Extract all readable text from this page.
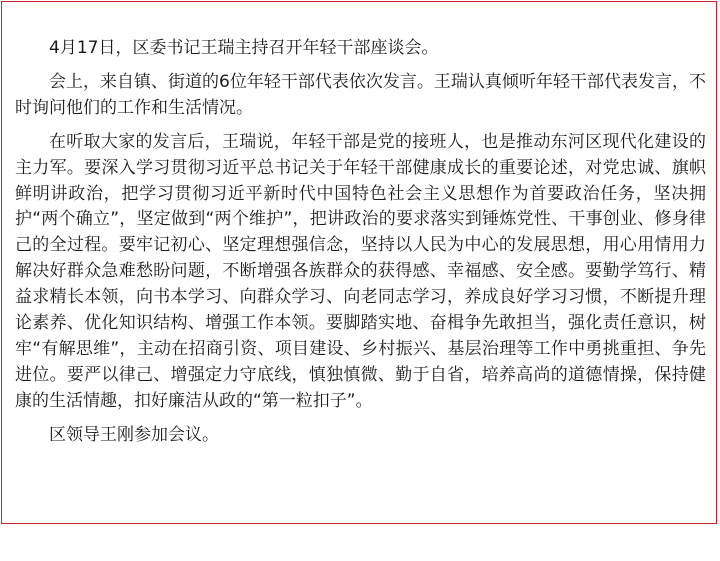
4月17日，区委书记王瑞主持召开年轻干部座谈会。

会上，来自镇、街道的6位年轻干部代表依次发言。王瑞认真倾听年轻干部代表发言，不时询问他们的工作和生活情况。

在听取大家的发言后，王瑞说，年轻干部是党的接班人，也是推动东河区现代化建设的主力军。要深入学习贯彻习近平总书记关于年轻干部健康成长的重要论述，对党忠诚、旗帜鲜明讲政治，把学习贯彻习近平新时代中国特色社会主义思想作为首要政治任务，坚决拥护“两个确立”，坚定做到“两个维护”，把讲政治的要求落实到锤炼党性、干事创业、修身律己的全过程。要牢记初心、坚定理想强信念，坚持以人民为中心的发展思想，用心用情用力解决好群众急难愁盼问题，不断增强各族群众的获得感、幸福感、安全感。要勤学笃行、精益求精长本领，向书本学习、向群众学习、向老同志学习，养成良好学习习惯，不断提升理论素养、优化知识结构、增强工作本领。要脚踏实地、奋楫争先敢担当，强化责任意识，树牢“有解思维”，主动在招商引资、项目建设、乡村振兴、基层治理等工作中勇挑重担、争先进位。要严以律己、增强定力守底线，慎独慎微、勤于自省，培养高尚的道德情操，保持健康的生活情趣，扣好廉洁从政的“第一粒扣子”。

区领导王刚参加会议。
